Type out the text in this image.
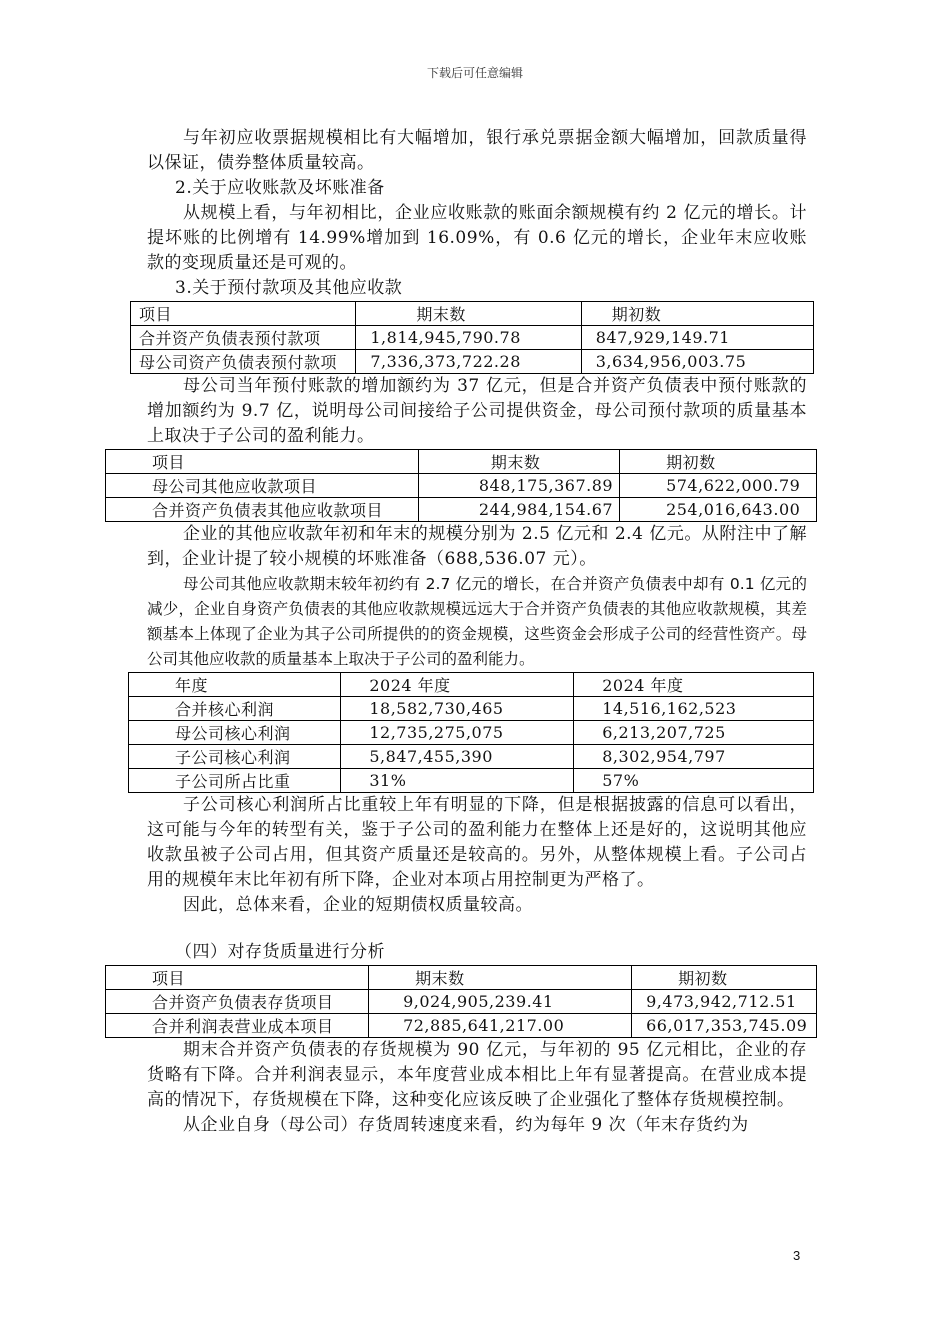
下载后可任意编辑

与年初应收票据规模相比有大幅增加，银行承兑票据金额大幅增加，回款质量得以保证，债券整体质量较高。

2.关于应收账款及坏账准备

从规模上看，与年初相比，企业应收账款的账面余额规模有约 2 亿元的增长。计提坏账的比例增有 14.99%增加到 16.09%，有 0.6 亿元的增长，企业年末应收账款的变现质量还是可观的。

3.关于预付款项及其他应收款

项目	期末数	期初数
合并资产负债表预付款项	1,814,945,790.78	847,929,149.71
母公司资产负债表预付款项	7,336,373,722.28	3,634,956,003.75

母公司当年预付账款的增加额约为 37 亿元，但是合并资产负债表中预付账款的增加额约为 9.7 亿，说明母公司间接给子公司提供资金，母公司预付款项的质量基本上取决于子公司的盈利能力。

项目	期末数	期初数
母公司其他应收款项目	848,175,367.89	574,622,000.79
合并资产负债表其他应收款项目	244,984,154.67	254,016,643.00

企业的其他应收款年初和年末的规模分别为 2.5 亿元和 2.4 亿元。从附注中了解到，企业计提了较小规模的坏账准备（688,536.07 元）。

母公司其他应收款期末较年初约有 2.7 亿元的增长，在合并资产负债表中却有 0.1 亿元的减少，企业自身资产负债表的其他应收款规模远远大于合并资产负债表的其他应收款规模，其差额基本上体现了企业为其子公司所提供的的资金规模，这些资金会形成子公司的经营性资产。母公司其他应收款的质量基本上取决于子公司的盈利能力。

年度	2024 年度	2024 年度
合并核心利润	18,582,730,465	14,516,162,523
母公司核心利润	12,735,275,075	6,213,207,725
子公司核心利润	5,847,455,390	8,302,954,797
子公司所占比重	31%	57%

子公司核心利润所占比重较上年有明显的下降，但是根据披露的信息可以看出，这可能与今年的转型有关，鉴于子公司的盈利能力在整体上还是好的，这说明其他应收款虽被子公司占用，但其资产质量还是较高的。另外，从整体规模上看。子公司占用的规模年末比年初有所下降，企业对本项占用控制更为严格了。

因此，总体来看，企业的短期债权质量较高。

（四）对存货质量进行分析

项目	期末数	期初数
合并资产负债表存货项目	9,024,905,239.41	9,473,942,712.51
合并利润表营业成本项目	72,885,641,217.00	66,017,353,745.09

期末合并资产负债表的存货规模为 90 亿元，与年初的 95 亿元相比，企业的存货略有下降。合并利润表显示，本年度营业成本相比上年有显著提高。在营业成本提高的情况下，存货规模在下降，这种变化应该反映了企业强化了整体存货规模控制。

从企业自身（母公司）存货周转速度来看，约为每年 9 次（年末存货约为

3
